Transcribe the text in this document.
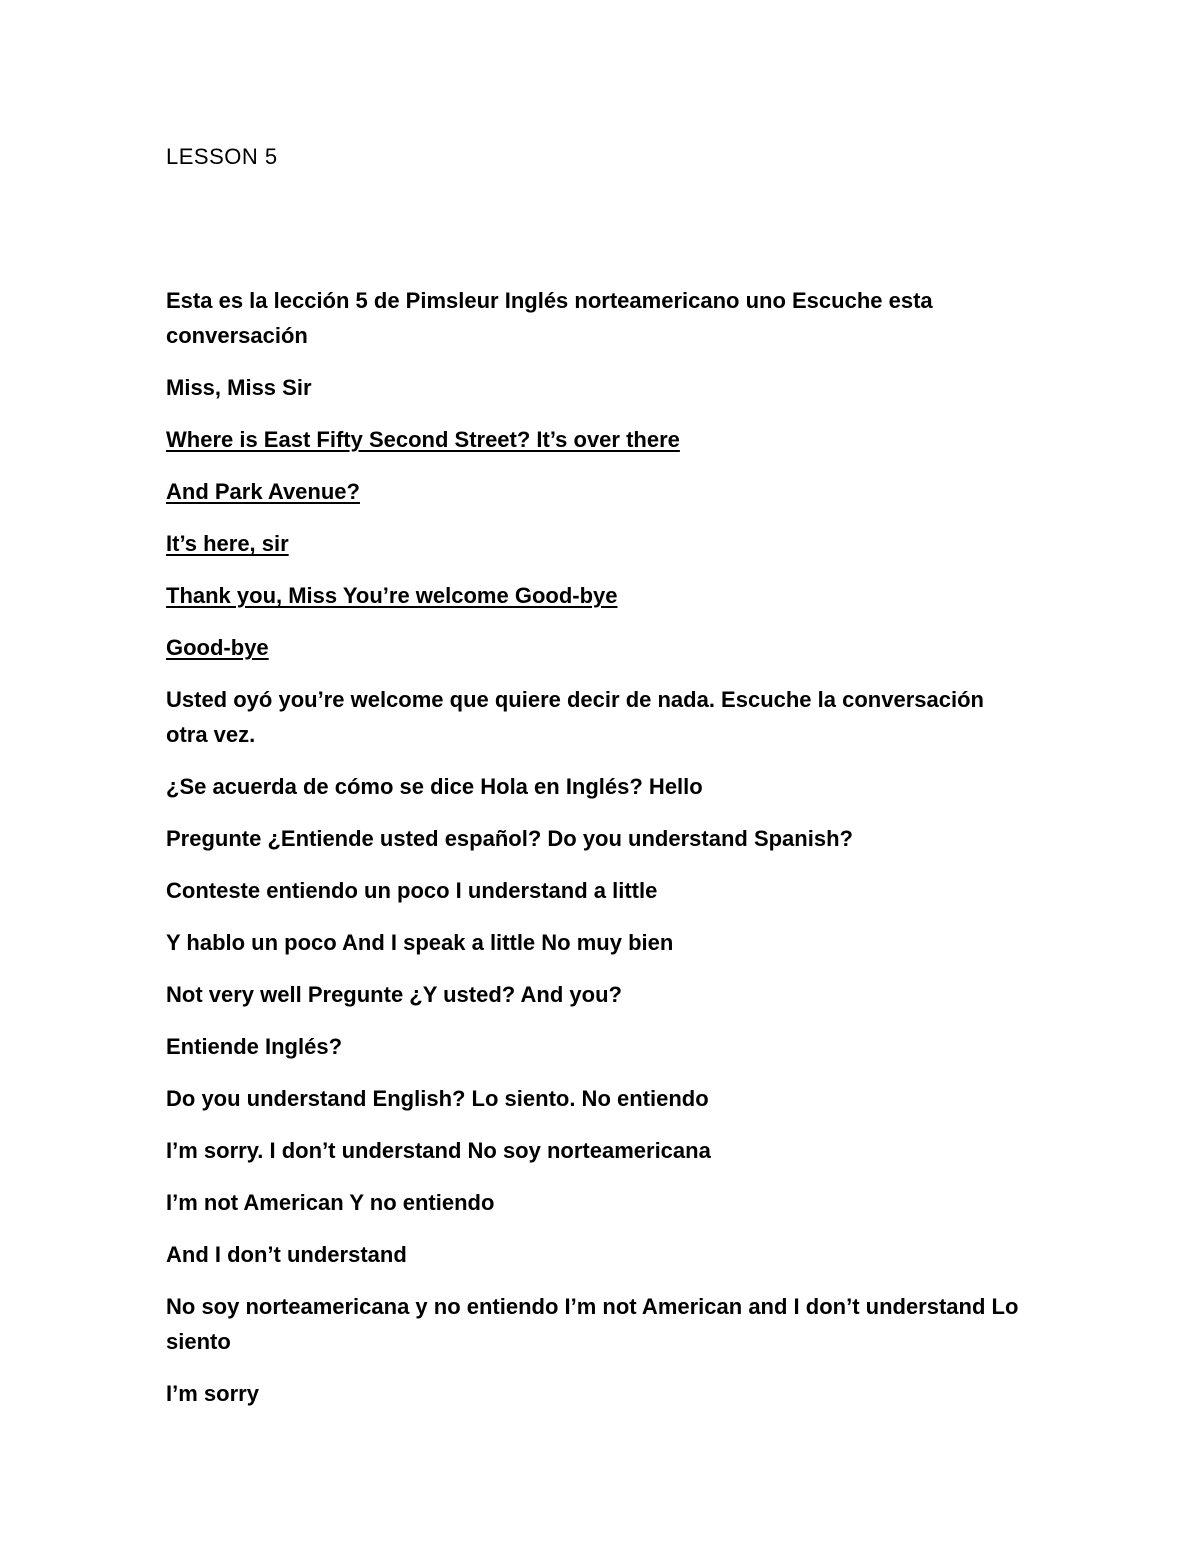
LESSON 5

Esta es la lección 5 de Pimsleur Inglés norteamericano uno Escuche esta conversación

Miss, Miss Sir

Where is East Fifty Second Street? It’s over there

And Park Avenue?

It’s here, sir

Thank you, Miss You’re welcome Good-bye

Good-bye

Usted oyó you’re welcome que quiere decir de nada. Escuche la conversación otra vez.

¿Se acuerda de cómo se dice Hola en Inglés? Hello

Pregunte ¿Entiende usted español? Do you understand Spanish?

Conteste entiendo un poco I understand a little

Y hablo un poco And I speak a little No muy bien

Not very well Pregunte ¿Y usted? And you?

Entiende Inglés?

Do you understand English? Lo siento. No entiendo

I’m sorry. I don’t understand No soy norteamericana

I’m not American Y no entiendo

And I don’t understand

No soy norteamericana y no entiendo I’m not American and I don’t understand Lo siento

I’m sorry
